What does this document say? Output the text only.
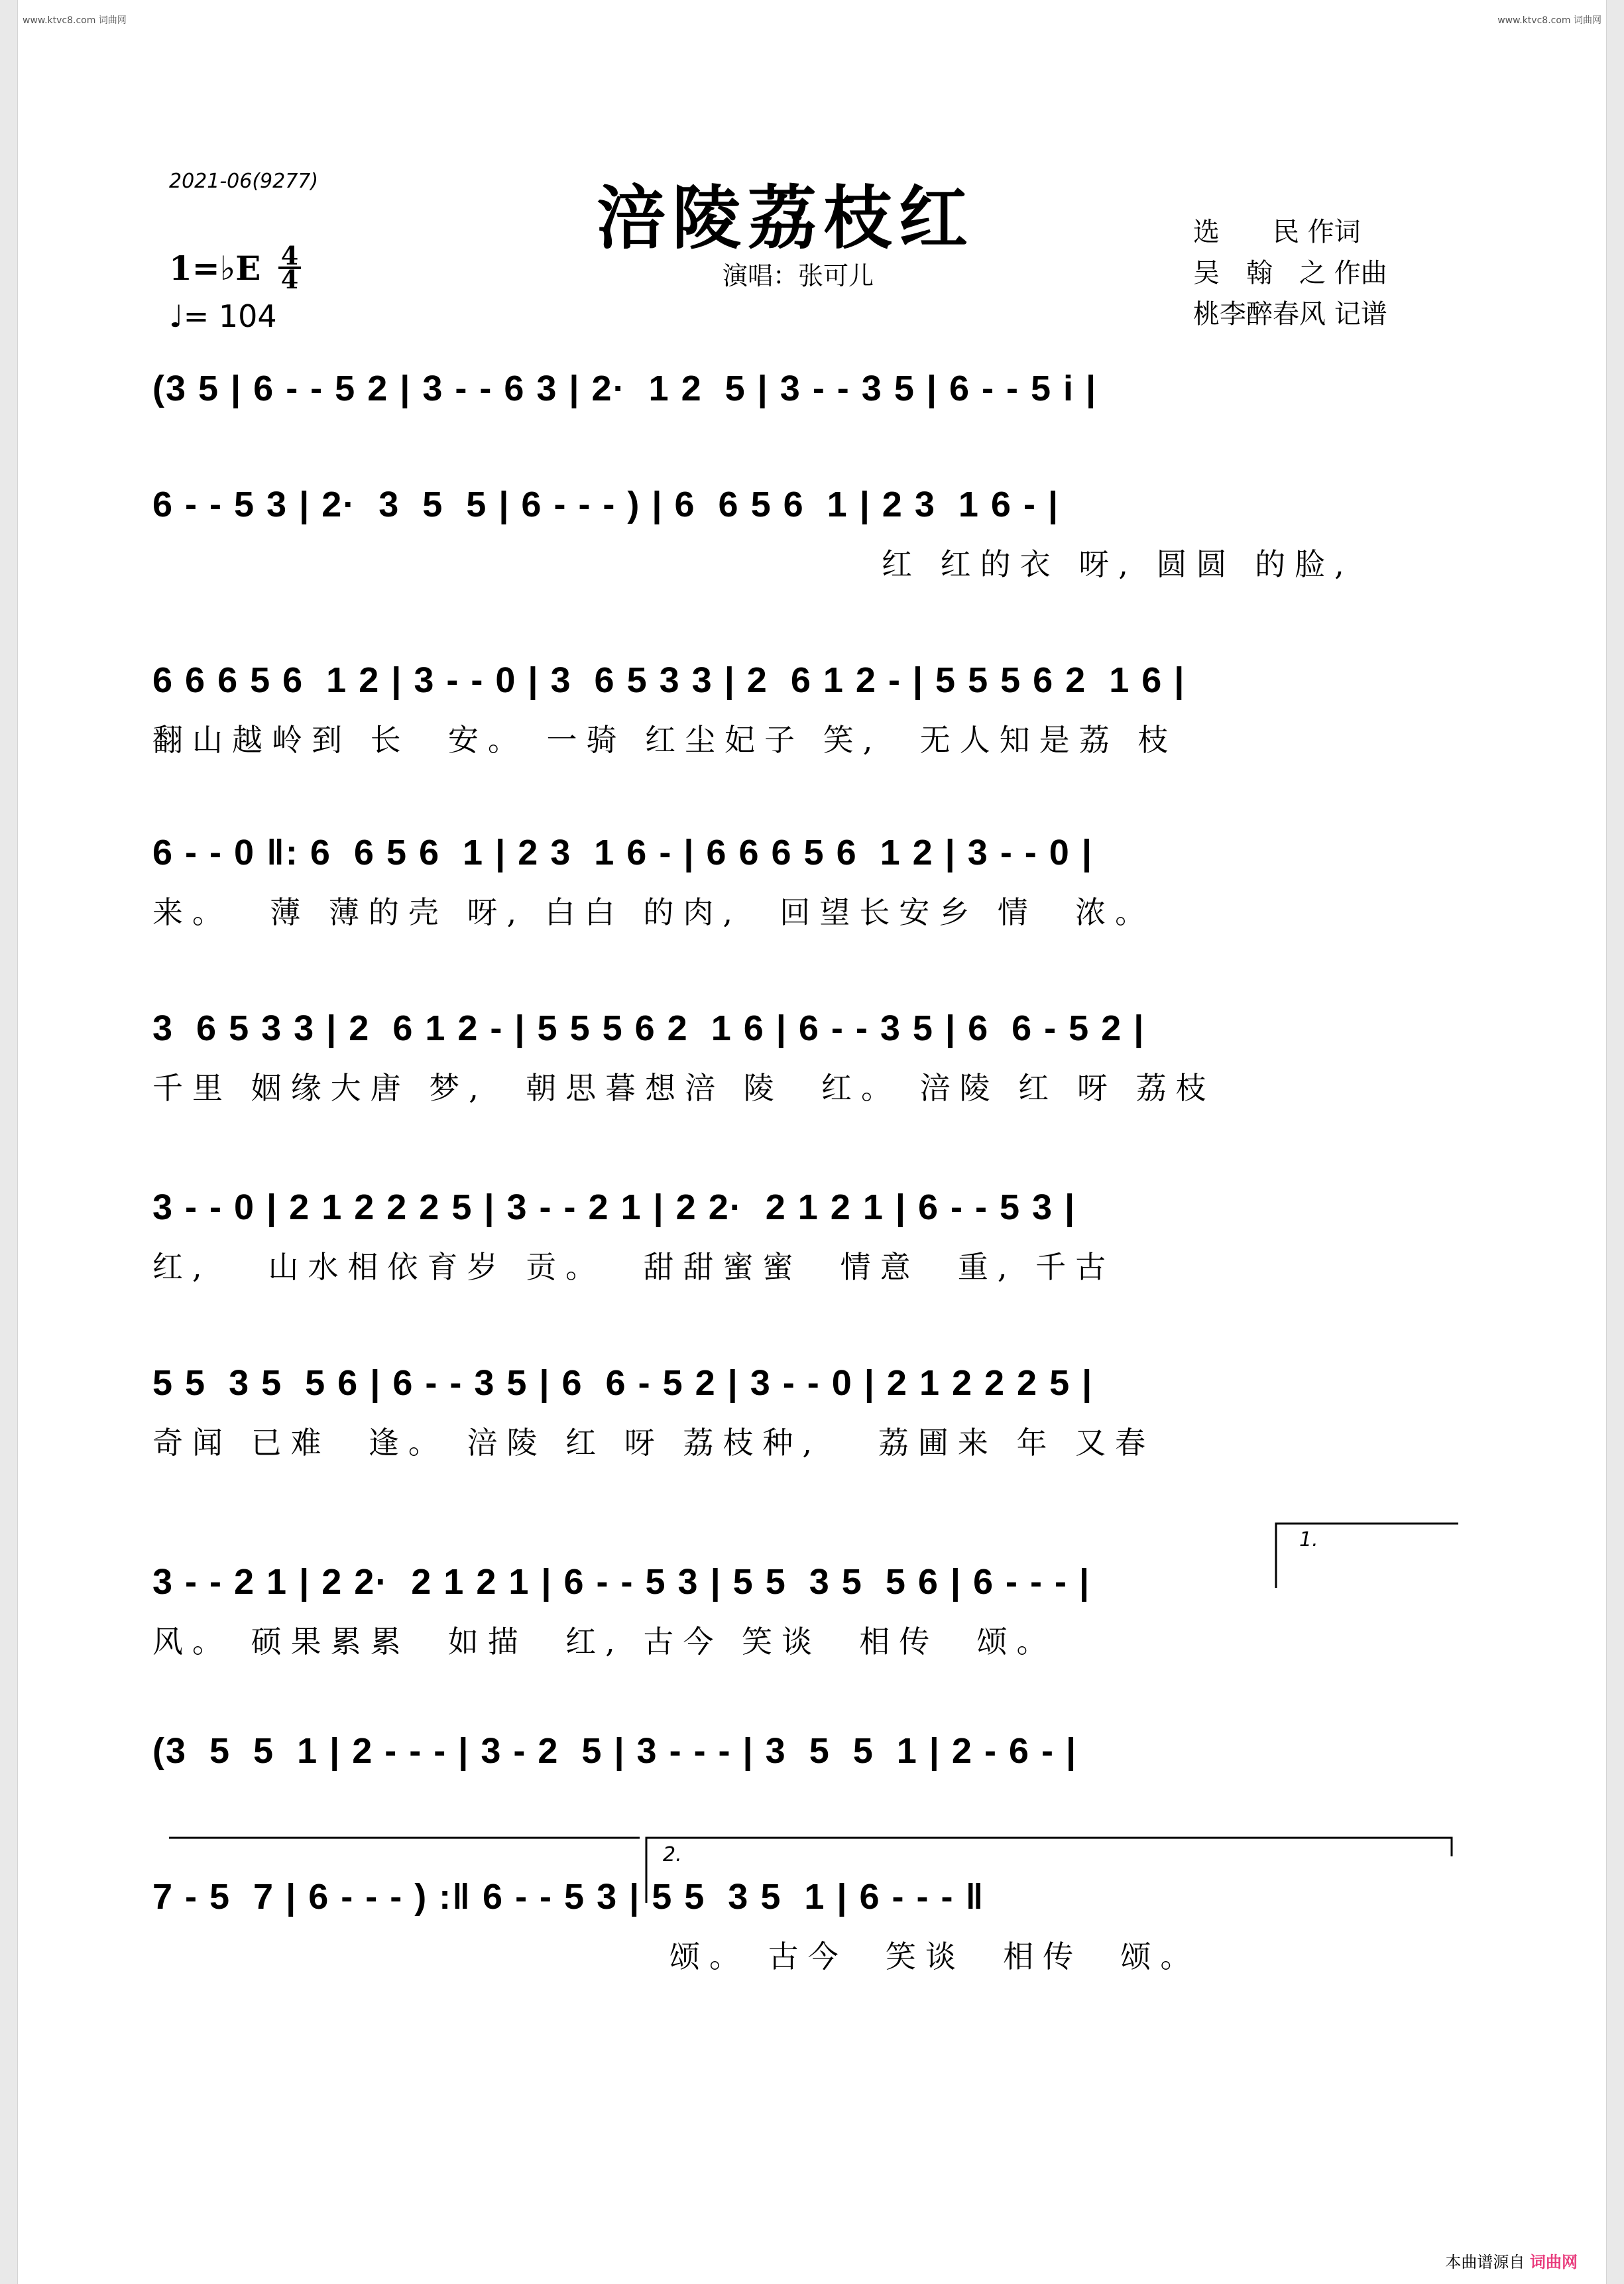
www.ktvc8.com 词曲网	www.ktvc8.com 词曲网
2021-06(9277)	涪陵荔枝红
1=♭E 4
4
♩= 104
演唱：张可儿
选　　民 作词
吴　翰　之 作曲
桃李醉春风 记谱
(3 5 | 6 - - 5 2 | 3 - - 6 3 | 2·  1 2  5 | 3 - - 3 5 | 6 - - 5 i |
6 - - 5 3 | 2·  3  5  5 | 6 - - - ) | 6  6 5 6  1 | 2 3  1 6 - |
红 红的衣 呀, 圆圆 的脸,
6 6 6 5 6  1 2 | 3 - - 0 | 3  6 5 3 3 | 2  6 1 2 - | 5 5 5 6 2  1 6 |
翻山越岭到 长  安。 一骑 红尘妃子 笑,  无人知是荔 枝
6 - - 0 ‖: 6  6 5 6  1 | 2 3  1 6 - | 6 6 6 5 6  1 2 | 3 - - 0 |
来。  薄 薄的壳 呀, 白白 的肉,  回望长安乡 情  浓。
3  6 5 3 3 | 2  6 1 2 - | 5 5 5 6 2  1 6 | 6 - - 3 5 | 6  6 - 5 2 |
千里 姻缘大唐 梦,  朝思暮想涪 陵  红。 涪陵 红 呀 荔枝
3 - - 0 | 2 1 2 2 2 5 | 3 - - 2 1 | 2 2·  2 1 2 1 | 6 - - 5 3 |
红,   山水相依育岁 贡。  甜甜蜜蜜  情意  重, 千古
5 5  3 5  5 6 | 6 - - 3 5 | 6  6 - 5 2 | 3 - - 0 | 2 1 2 2 2 5 |
奇闻 已难  逢。 涪陵 红 呀 荔枝种,   荔圃来 年 又春
3 - - 2 1 | 2 2·  2 1 2 1 | 6 - - 5 3 | 5 5  3 5  5 6 | 6 - - - |
风。 硕果累累  如描  红, 古今 笑谈  相传  颂。
(3  5  5  1 | 2 - - - | 3 - 2  5 | 3 - - - | 3  5  5  1 | 2 - 6 - |
7 - 5  7 | 6 - - - ) :‖ 6 - - 5 3 | 5 5  3 5  1 | 6 - - - ‖
颂。 古今  笑谈  相传  颂。
1.
2.
本曲谱源自 词曲网
